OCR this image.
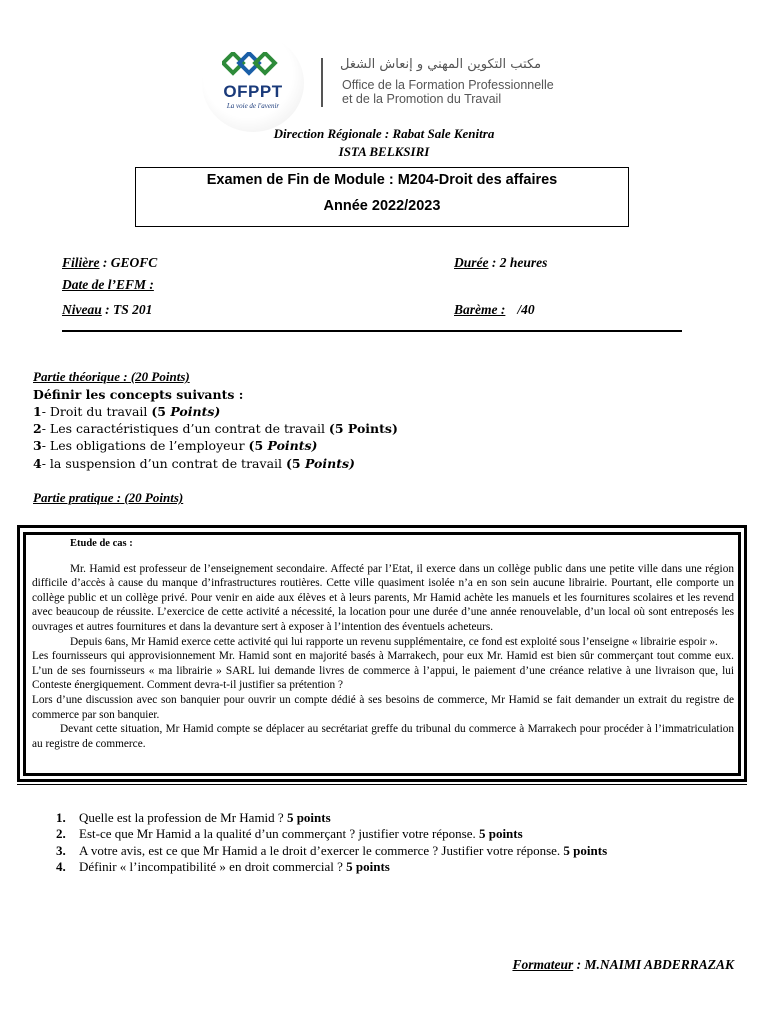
OFPPT
La voie de l'avenir
مكتب التكوين المهني و إنعاش الشغل
Office de la Formation Professionnelle
et de la Promotion du Travail
Direction Régionale : Rabat Sale Kenitra
ISTA BELKSIRI
Examen de Fin de Module : M204-Droit des affaires
Année 2022/2023
Filière : GEOFC	Durée : 2 heures
Date de l’EFM :
Niveau : TS 201	Barème : /40
Partie théorique : (20 Points)
Définir les concepts suivants :
1- Droit du travail (5 Points)
2- Les caractéristiques d’un contrat de travail (5 Points)
3- Les obligations de l’employeur (5 Points)
4- la suspension d’un contrat de travail (5 Points)
Partie pratique : (20 Points)

Etude de cas :

Mr. Hamid est professeur de l’enseignement secondaire. Affecté par l’Etat, il exerce dans un collège public dans une petite ville dans une région difficile d’accès à cause du manque d’infrastructures routières. Cette ville quasiment isolée n’a en son sein aucune librairie. Pourtant, elle comporte un collège public et un collège privé. Pour venir en aide aux élèves et à leurs parents, Mr Hamid achète les manuels et les fournitures scolaires et les revend avec beaucoup de réussite. L’exercice de cette activité a nécessité, la location pour une durée d’une année renouvelable, d’un local où sont entreposés les ouvrages et autres fournitures et dans la devanture sert à exposer à l’intention des éventuels acheteurs.

Depuis 6ans, Mr Hamid exerce cette activité qui lui rapporte un revenu supplémentaire, ce fond est exploité sous l’enseigne « librairie espoir ».

Les fournisseurs qui approvisionnement Mr. Hamid sont en majorité basés à Marrakech, pour eux Mr. Hamid est bien sûr commerçant tout comme eux. L’un de ses fournisseurs « ma librairie » SARL lui demande livres de commerce à l’appui, le paiement d’une créance relative à une livraison que, lui Conteste énergiquement. Comment devra-t-il justifier sa prétention ?

Lors d’une discussion avec son banquier pour ouvrir un compte dédié à ses besoins de commerce, Mr Hamid se fait demander un extrait du registre de commerce par son banquier.

Devant cette situation, Mr Hamid compte se déplacer au secrétariat greffe du tribunal du commerce à Marrakech pour procéder à l’immatriculation au registre de commerce.

1. Quelle est la profession de Mr Hamid ? 5 points
2. Est-ce que Mr Hamid a la qualité d’un commerçant ? justifier votre réponse. 5 points
3. A votre avis, est ce que Mr Hamid a le droit d’exercer le commerce ? Justifier votre réponse. 5 points
4. Définir « l’incompatibilité » en droit commercial ? 5 points
Formateur : M.NAIMI ABDERRAZAK
